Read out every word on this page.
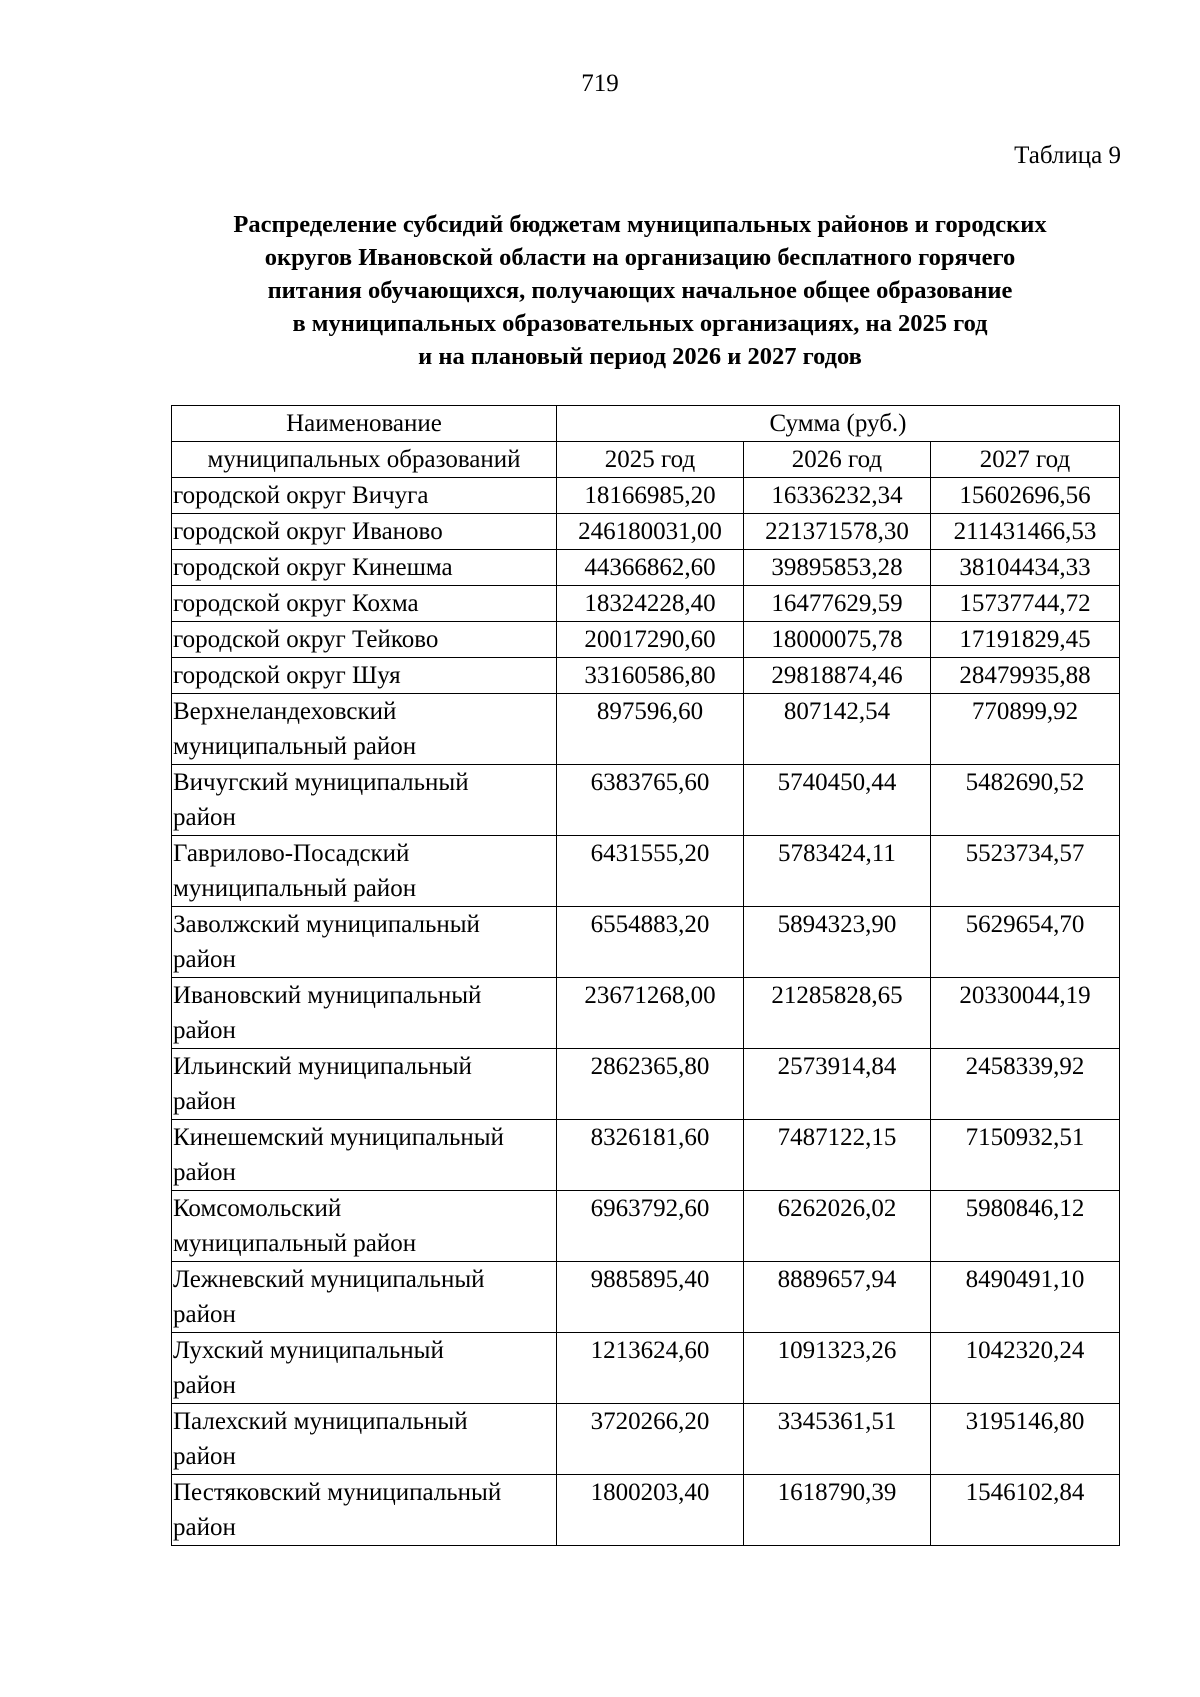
719
Таблица 9
Распределение субсидий бюджетам муниципальных районов и городских
округов Ивановской области на организацию бесплатного горячего
питания обучающихся, получающих начальное общее образование
в муниципальных образовательных организациях, на 2025 год
и на плановый период 2026 и 2027 годов
Наименование	Сумма (руб.)		
муниципальных образований	2025 год	2026 год	2027 год

городской округ Вичуга	18166985,20	16336232,34	15602696,56

городской округ Иваново	246180031,00	221371578,30	211431466,53

городской округ Кинешма	44366862,60	39895853,28	38104434,33

городской округ Кохма	18324228,40	16477629,59	15737744,72

городской округ Тейково	20017290,60	18000075,78	17191829,45

городской округ Шуя	33160586,80	29818874,46	28479935,88

Верхнеландеховский
муниципальный район	897596,60	807142,54	770899,92

Вичугский муниципальный
район	6383765,60	5740450,44	5482690,52

Гаврилово-Посадский
муниципальный район	6431555,20	5783424,11	5523734,57

Заволжский муниципальный
район	6554883,20	5894323,90	5629654,70

Ивановский муниципальный
район	23671268,00	21285828,65	20330044,19

Ильинский муниципальный
район	2862365,80	2573914,84	2458339,92

Кинешемский муниципальный
район	8326181,60	7487122,15	7150932,51

Комсомольский
муниципальный район	6963792,60	6262026,02	5980846,12

Лежневский муниципальный
район	9885895,40	8889657,94	8490491,10

Лухский муниципальный
район	1213624,60	1091323,26	1042320,24

Палехский муниципальный
район	3720266,20	3345361,51	3195146,80

Пестяковский муниципальный
район	1800203,40	1618790,39	1546102,84
